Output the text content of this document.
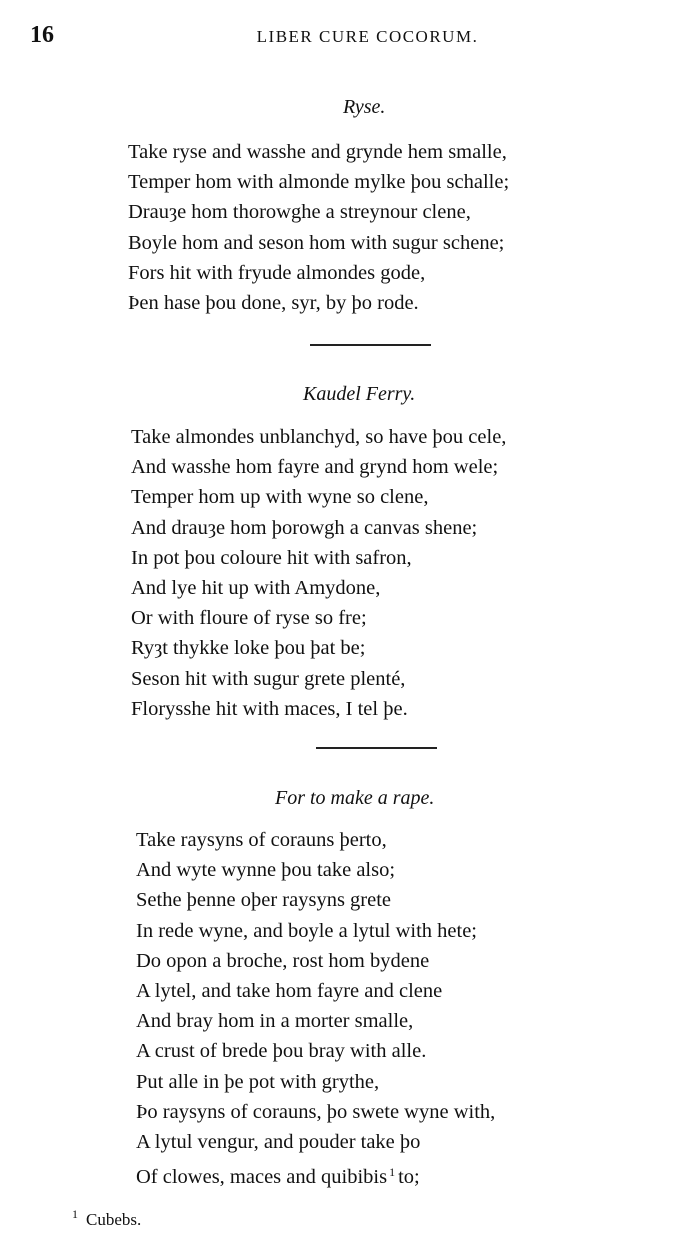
16	LIBER CURE COCORUM.
Ryse.
Take ryse and wasshe and grynde hem smalle,
Temper hom with almonde mylke þou schalle;
Drauȝe hom thorowghe a streynour clene,
Boyle hom and seson hom with sugur schene;
Fors hit with fryude almondes gode,
Þen hase þou done, syr, by þo rode.
Kaudel Ferry.
Take almondes unblanchyd, so have þou cele,
And wasshe hom fayre and grynd hom wele;
Temper hom up with wyne so clene,
And drauȝe hom þorowgh a canvas shene;
In pot þou coloure hit with safron,
And lye hit up with Amydone,
Or with floure of ryse so fre;
Ryȝt thykke loke þou þat be;
Seson hit with sugur grete plenté,
Florysshe hit with maces, I tel þe.
For to make a rape.
Take raysyns of corauns þerto,
And wyte wynne þou take also;
Sethe þenne oþer raysyns grete
In rede wyne, and boyle a lytul with hete;
Do opon a broche, rost hom bydene
A lytel, and take hom fayre and clene
And bray hom in a morter smalle,
A crust of brede þou bray with alle.
Put alle in þe pot with grythe,
Þo raysyns of corauns, þo swete wyne with,
A lytul vengur, and pouder take þo
Of clowes, maces and quibibis $^1$ to;
$^1$ Cubebs.
